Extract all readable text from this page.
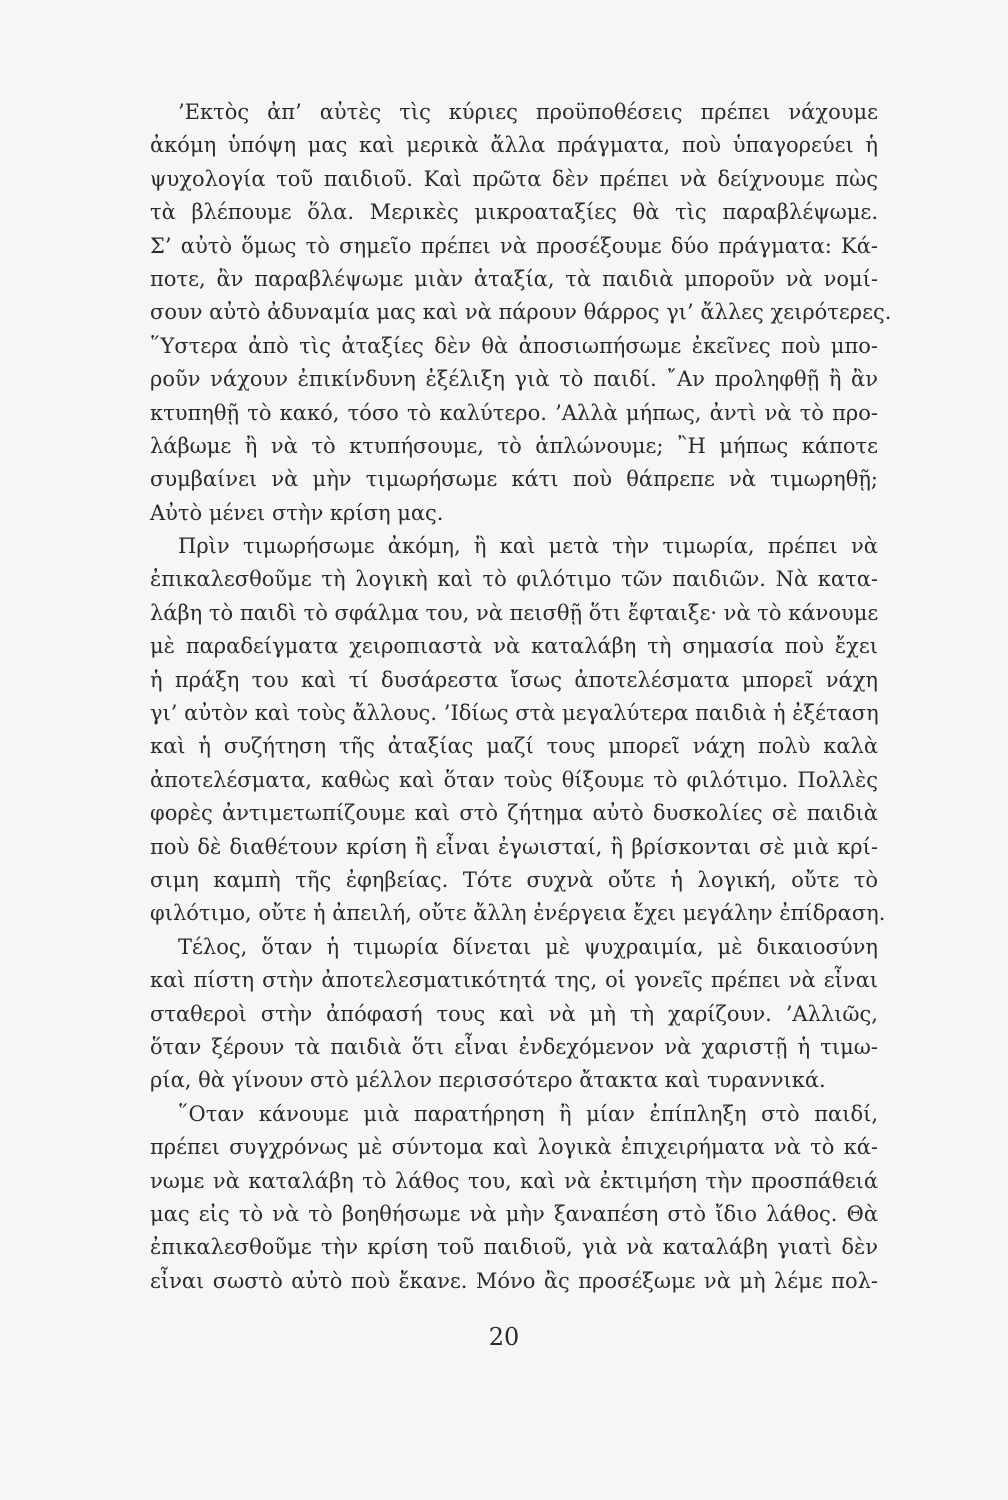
’Εκτὸς ἀπ’ αὐτὲς τὶς κύριες προϋποθέσεις πρέπει νάχουμε
ἀκόμη ὑπόψη μας καὶ μερικὰ ἄλλα πράγματα, ποὺ ὑπαγορεύει ἡ
ψυχολογία τοῦ παιδιοῦ. Καὶ πρῶτα δὲν πρέπει νὰ δείχνουμε πὼς
τὰ βλέπουμε ὅλα. Μερικὲς μικροαταξίες θὰ τὶς παραβλέψωμε.
Σ’ αὐτὸ ὅμως τὸ σημεῖο πρέπει νὰ προσέξουμε δύο πράγματα: Κά-
ποτε, ἂν παραβλέψωμε μιὰν ἀταξία, τὰ παιδιὰ μποροῦν νὰ νομί-
σουν αὐτὸ ἀδυναμία μας καὶ νὰ πάρουν θάρρος γι’ ἄλλες χειρότερες.
῞Υστερα ἀπὸ τὶς ἀταξίες δὲν θὰ ἀποσιωπήσωμε ἐκεῖνες ποὺ μπο-
ροῦν νάχουν ἐπικίνδυνη ἐξέλιξη γιὰ τὸ παιδί. ῎Αν προληφθῇ ἢ ἂν
κτυπηθῇ τὸ κακό, τόσο τὸ καλύτερο. ’Αλλὰ μήπως, ἀντὶ νὰ τὸ προ-
λάβωμε ἢ νὰ τὸ κτυπήσουμε, τὸ ἁπλώνουμε; ῍Η μήπως κάποτε
συμβαίνει νὰ μὴν τιμωρήσωμε κάτι ποὺ θάπρεπε νὰ τιμωρηθῇ;
Αὐτὸ μένει στὴν κρίση μας.
Πρὶν τιμωρήσωμε ἀκόμη, ἢ καὶ μετὰ τὴν τιμωρία, πρέπει νὰ
ἐπικαλεσθοῦμε τὴ λογικὴ καὶ τὸ φιλότιμο τῶν παιδιῶν. Νὰ κατα-
λάβη τὸ παιδὶ τὸ σφάλμα του, νὰ πεισθῇ ὅτι ἔφταιξε· νὰ τὸ κάνουμε
μὲ παραδείγματα χειροπιαστὰ νὰ καταλάβη τὴ σημασία ποὺ ἔχει
ἡ πράξη του καὶ τί δυσάρεστα ἴσως ἀποτελέσματα μπορεῖ νάχη
γι’ αὐτὸν καὶ τοὺς ἄλλους. ’Ιδίως στὰ μεγαλύτερα παιδιὰ ἡ ἐξέταση
καὶ ἡ συζήτηση τῆς ἀταξίας μαζί τους μπορεῖ νάχη πολὺ καλὰ
ἀποτελέσματα, καθὼς καὶ ὅταν τοὺς θίξουμε τὸ φιλότιμο. Πολλὲς
φορὲς ἀντιμετωπίζουμε καὶ στὸ ζήτημα αὐτὸ δυσκολίες σὲ παιδιὰ
ποὺ δὲ διαθέτουν κρίση ἢ εἶναι ἐγωισταί, ἢ βρίσκονται σὲ μιὰ κρί-
σιμη καμπὴ τῆς ἐφηβείας. Τότε συχνὰ οὔτε ἡ λογική, οὔτε τὸ
φιλότιμο, οὔτε ἡ ἀπειλή, οὔτε ἄλλη ἐνέργεια ἔχει μεγάλην ἐπίδραση.
Τέλος, ὅταν ἡ τιμωρία δίνεται μὲ ψυχραιμία, μὲ δικαιοσύνη
καὶ πίστη στὴν ἀποτελεσματικότητά της, οἱ γονεῖς πρέπει νὰ εἶναι
σταθεροὶ στὴν ἀπόφασή τους καὶ νὰ μὴ τὴ χαρίζουν. ’Αλλιῶς,
ὅταν ξέρουν τὰ παιδιὰ ὅτι εἶναι ἐνδεχόμενον νὰ χαριστῇ ἡ τιμω-
ρία, θὰ γίνουν στὸ μέλλον περισσότερο ἄτακτα καὶ τυραννικά.
῞Οταν κάνουμε μιὰ παρατήρηση ἢ μίαν ἐπίπληξη στὸ παιδί,
πρέπει συγχρόνως μὲ σύντομα καὶ λογικὰ ἐπιχειρήματα νὰ τὸ κά-
νωμε νὰ καταλάβη τὸ λάθος του, καὶ νὰ ἐκτιμήση τὴν προσπάθειά
μας εἰς τὸ νὰ τὸ βοηθήσωμε νὰ μὴν ξαναπέση στὸ ἴδιο λάθος. Θὰ
ἐπικαλεσθοῦμε τὴν κρίση τοῦ παιδιοῦ, γιὰ νὰ καταλάβη γιατὶ δὲν
εἶναι σωστὸ αὐτὸ ποὺ ἔκανε. Μόνο ἂς προσέξωμε νὰ μὴ λέμε πολ-
20
